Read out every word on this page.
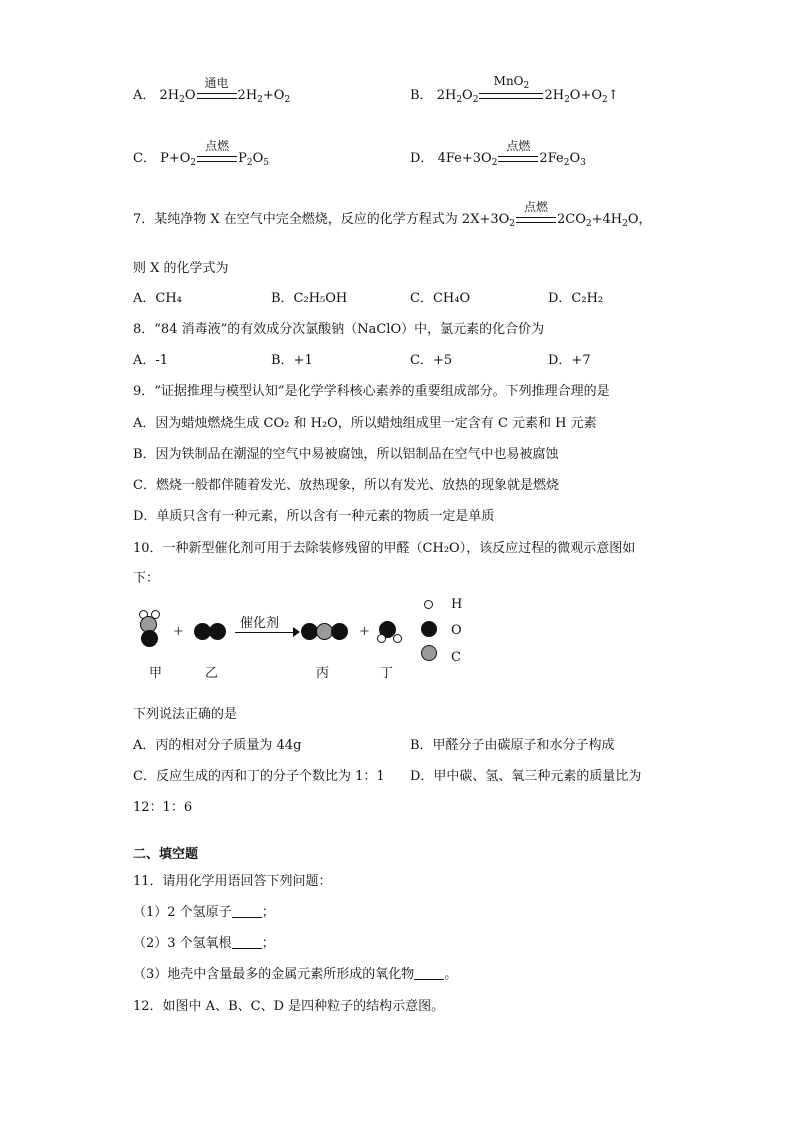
A． $2H_2O$
通电
$2H_2+O_2$	B． $2H_2O_2$
MnO$_2$
$2H_2O+O_2↑$
C． $P+O_2$
点燃
$P_2O_5$	D． $4Fe+3O_2$
点燃
$2Fe_2O_3$
7．某纯净物 X 在空气中完全燃烧，反应的化学方程式为 $2X+3O_2$
点燃
$2CO_2+4H_2O$，
则 X 的化学式为
A．CH₄	B．C₂H₅OH	C．CH₄O	D．C₂H₂
8．“84 消毒液”的有效成分次氯酸钠（NaClO）中，氯元素的化合价为
A．-1	B．+1	C．+5	D．+7
9．“证据推理与模型认知”是化学学科核心素养的重要组成部分。下列推理合理的是
A．因为蜡烛燃烧生成 CO₂ 和 H₂O，所以蜡烛组成里一定含有 C 元素和 H 元素
B．因为铁制品在潮湿的空气中易被腐蚀，所以铝制品在空气中也易被腐蚀
C．燃烧一般都伴随着发光、放热现象，所以有发光、放热的现象就是燃烧
D．单质只含有一种元素，所以含有一种元素的物质一定是单质
10．一种新型催化剂可用于去除装修残留的甲醛（CH₂O），该反应过程的微观示意图如
下：
+
催化剂
+
甲	乙	丙	丁
H
O
C
下列说法正确的是
A．丙的相对分子质量为 44g	B．甲醛分子由碳原子和水分子构成
C．反应生成的丙和丁的分子个数比为 1：1 D．甲中碳、氢、氧三种元素的质量比为
12：1：6
二、填空题
11．请用化学用语回答下列问题：
（1）2 个氢原子 ；
（2）3 个氢氧根 ；
（3）地壳中含量最多的金属元素所形成的氧化物 。
12．如图中 A、B、C、D 是四种粒子的结构示意图。
